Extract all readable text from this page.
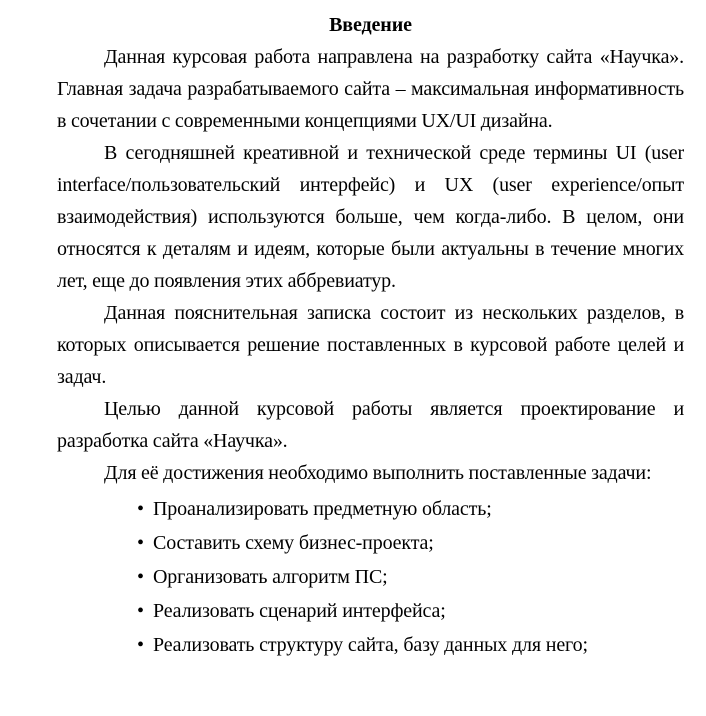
Введение

Данная курсовая работа направлена на разработку сайта «Научка». Главная задача разрабатываемого сайта – максимальная информативность в сочетании с современными концепциями UX/UI дизайна.

В сегодняшней креативной и технической среде термины UI (user interface/пользовательский интерфейс) и UX (user experience/опыт взаимодействия) используются больше, чем когда-либо. В целом, они относятся к деталям и идеям, которые были актуальны в течение многих лет, еще до появления этих аббревиатур.

Данная пояснительная записка состоит из нескольких разделов, в которых описывается решение поставленных в курсовой работе целей и задач.

Целью данной курсовой работы является проектирование и разработка сайта «Научка».

Для её достижения необходимо выполнить поставленные задачи:

• Проанализировать предметную область;
• Составить схему бизнес-проекта;
• Организовать алгоритм ПС;
• Реализовать сценарий интерфейса;
• Реализовать структуру сайта, базу данных для него;
